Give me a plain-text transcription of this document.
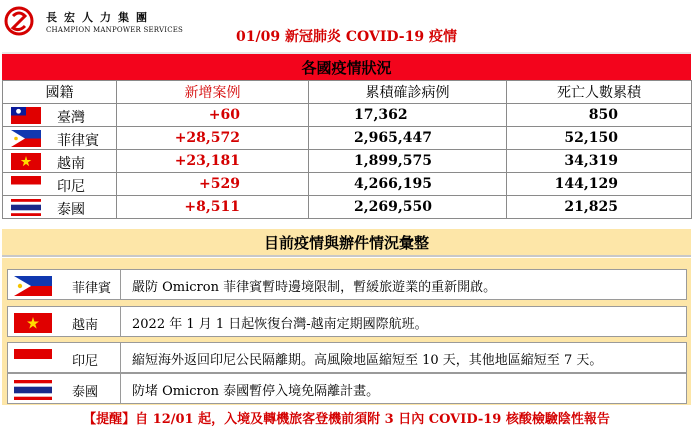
長宏人力集團
CHAMPION MANPOWER SERVICES	01/09 新冠肺炎 COVID-19 疫情
各國疫情狀況
國籍	新增案例	累積確診病例	死亡人數累積

臺灣	+60	17,362	850

菲律賓	+28,572	2,965,447	52,150

越南	+23,181	1,899,575	34,319

印尼	+529	4,266,195	144,129

泰國	+8,511	2,269,550	21,825
目前疫情與辦件情況彙整
菲律賓 嚴防 Omicron 菲律賓暫時邊境限制，暫緩旅遊業的重新開啟。
越南	2022 年 1 月 1 日起恢復台灣-越南定期國際航班。
印尼	縮短海外返回印尼公民隔離期。高風險地區縮短至 10 天，其他地區縮短至 7 天。
泰國	防堵 Omicron 泰國暫停入境免隔離計畫。
【提醒】自 12/01 起，入境及轉機旅客登機前須附 3 日內 COVID-19 核酸檢驗陰性報告
